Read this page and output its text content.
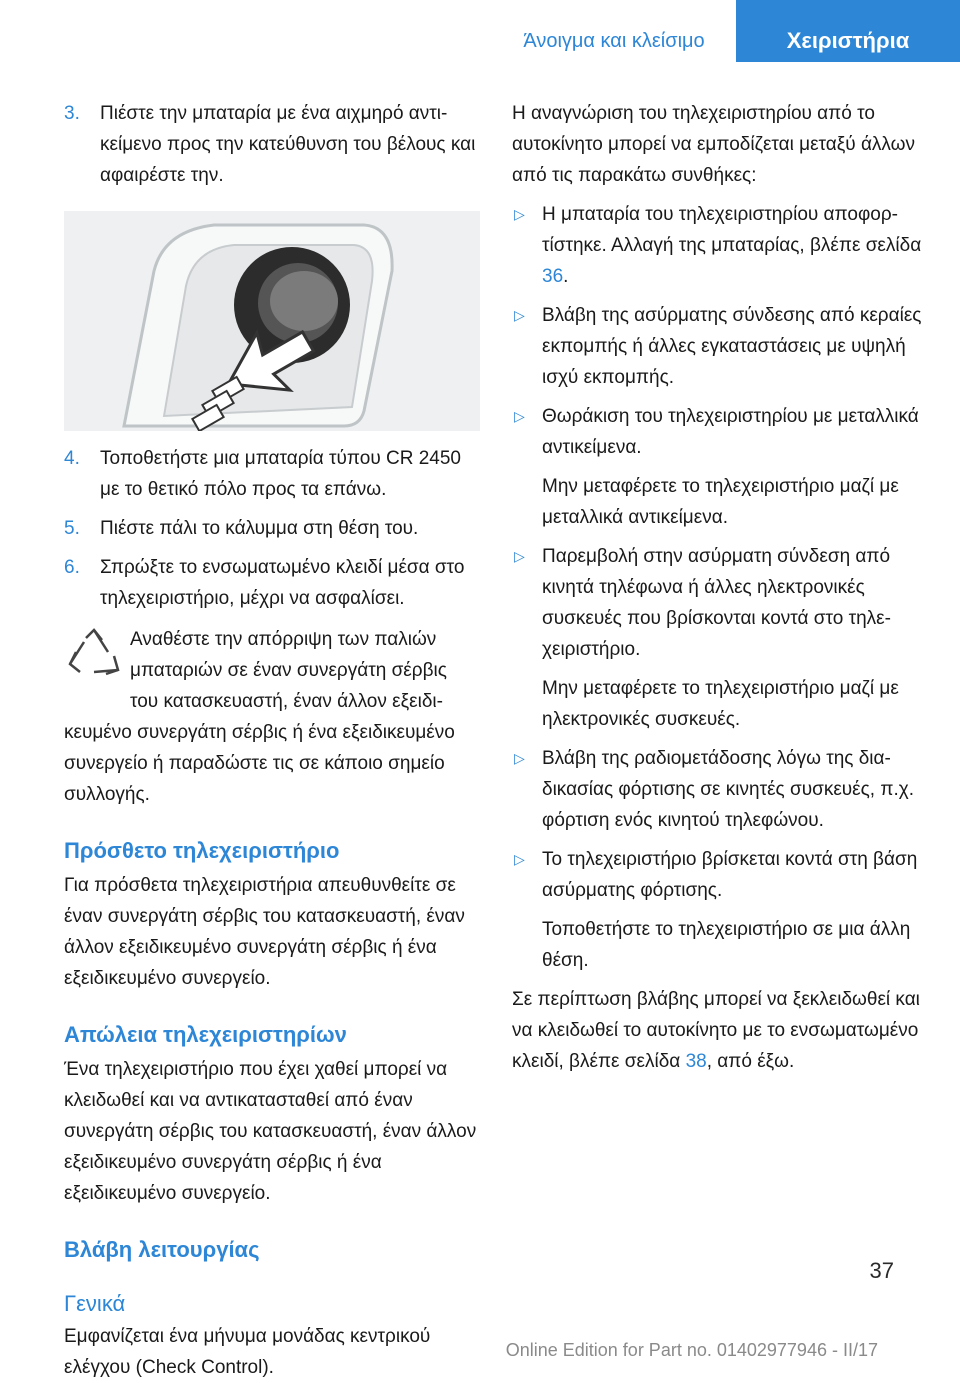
Άνοιγμα και κλείσιμο	Χειριστήρια
3. Πιέστε την μπαταρία με ένα αιχμηρό αντικείμενο προς την κατεύθυνση του βέλους και αφαιρέστε την.
4. Τοποθετήστε μια μπαταρία τύπου CR 2450 με το θετικό πόλο προς τα επάνω.
5. Πιέστε πάλι το κάλυμμα στη θέση του.
6. Σπρώξτε το ενσωματωμένο κλειδί μέσα στο τηλεχειριστήριο, μέχρι να ασφαλίσει.

Αναθέστε την απόρριψη των παλιών μπαταριών σε έναν συνεργάτη σέρβις του κατασκευαστή, έναν άλλον εξειδικευμένο συνεργάτη σέρβις ή ένα εξειδικευμένο συνεργείο ή παραδώστε τις σε κάποιο σημείο συλλογής.

Πρόσθετο τηλεχειριστήριο

Για πρόσθετα τηλεχειριστήρια απευθυνθείτε σε έναν συνεργάτη σέρβις του κατασκευαστή, έναν άλλον εξειδικευμένο συνεργάτη σέρβις ή ένα εξειδικευμένο συνεργείο.

Απώλεια τηλεχειριστηρίων

Ένα τηλεχειριστήριο που έχει χαθεί μπορεί να κλειδωθεί και να αντικατασταθεί από έναν συνεργάτη σέρβις του κατασκευαστή, έναν άλλον εξειδικευμένο συνεργάτη σέρβις ή ένα εξειδικευμένο συνεργείο.

Βλάβη λειτουργίας
Γενικά

Εμφανίζεται ένα μήνυμα μονάδας κεντρικού ελέγχου (Check Control).

Η αναγνώριση του τηλεχειριστηρίου από το αυτοκίνητο μπορεί να εμποδίζεται μεταξύ άλλων από τις παρακάτω συνθήκες:

▷ Η μπαταρία του τηλεχειριστηρίου αποφορτίστηκε. Αλλαγή της μπαταρίας, βλέπε σελίδα 36.
▷ Βλάβη της ασύρματης σύνδεσης από κεραίες εκπομπής ή άλλες εγκαταστάσεις με υψηλή ισχύ εκπομπής.
▷ Θωράκιση του τηλεχειριστηρίου με μεταλλικά αντικείμενα.

Μην μεταφέρετε το τηλεχειριστήριο μαζί με μεταλλικά αντικείμενα.

▷ Παρεμβολή στην ασύρματη σύνδεση από κινητά τηλέφωνα ή άλλες ηλεκτρονικές συσκευές που βρίσκονται κοντά στο τηλεχειριστήριο.

Μην μεταφέρετε το τηλεχειριστήριο μαζί με ηλεκτρονικές συσκευές.

▷ Βλάβη της ραδιομετάδοσης λόγω της διαδικασίας φόρτισης σε κινητές συσκευές, π.χ. φόρτιση ενός κινητού τηλεφώνου.
▷ Το τηλεχειριστήριο βρίσκεται κοντά στη βάση ασύρματης φόρτισης.

Τοποθετήστε το τηλεχειριστήριο σε μια άλλη θέση.

Σε περίπτωση βλάβης μπορεί να ξεκλειδωθεί και να κλειδωθεί το αυτοκίνητο με το ενσωματωμένο κλειδί, βλέπε σελίδα 38, από έξω.

37
Online Edition for Part no. 01402977946 - II/17
